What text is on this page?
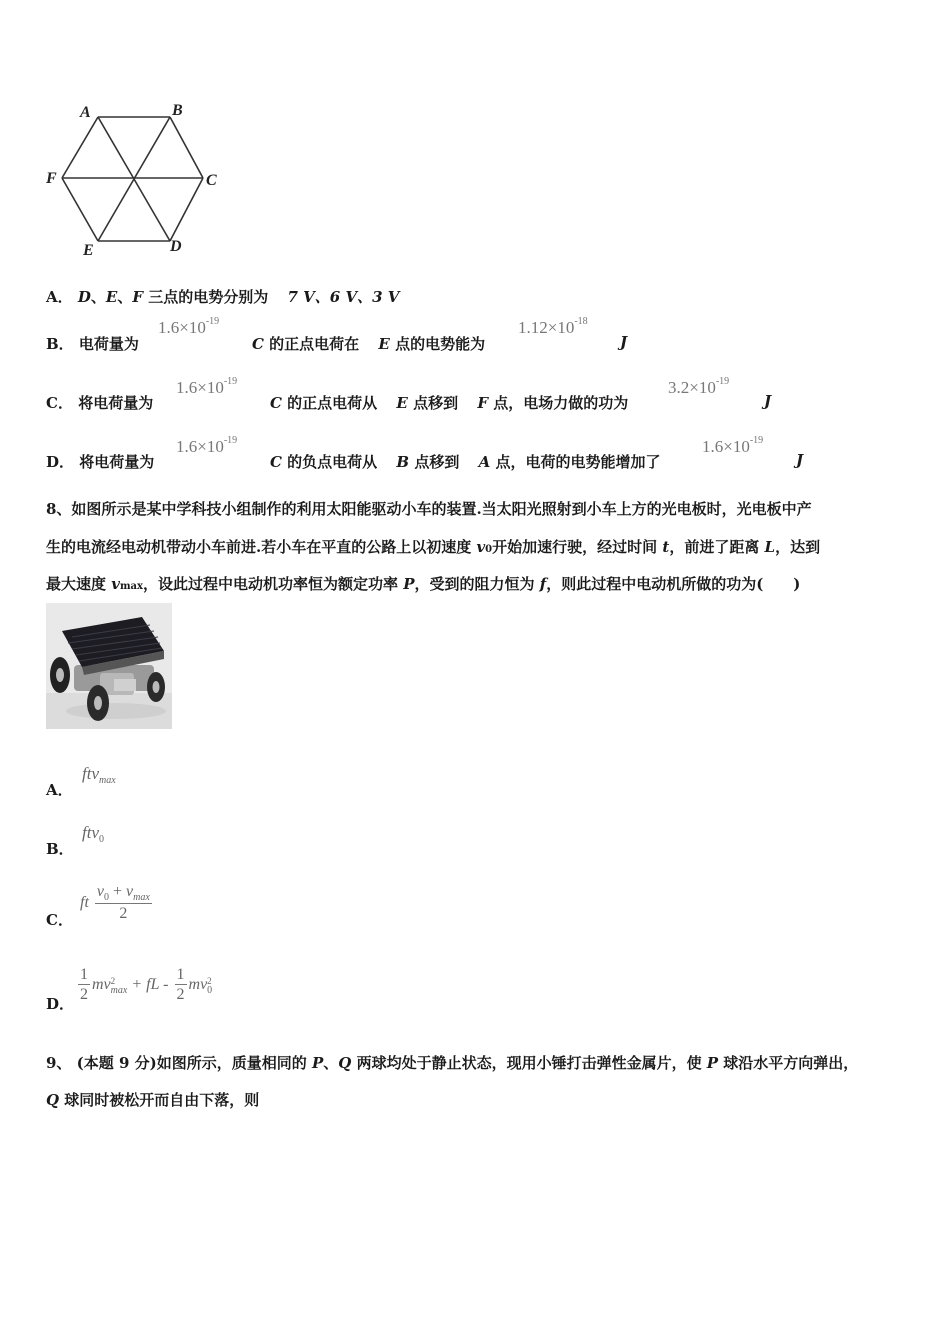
A	B
C
D
E
F
A． D、E、F 三点的电势分别为 7 V、6 V、3 V
B． 电荷量为
$1.6\times 10^{-19}$
C 的正点电荷在 E 点的电势能为
$1.12\times 10^{-18}$
J
C． 将电荷量为
$1.6\times 10^{-19}$
C 的正点电荷从 E 点移到 F 点，电场力做的功为
$3.2\times 10^{-19}$
J
D． 将电荷量为
$1.6\times 10^{-19}$
C 的负点电荷从 B 点移到 A 点，电荷的电势能增加了
$1.6\times 10^{-19}$
J
8、如图所示是某中学科技小组制作的利用太阳能驱动小车的装置.当太阳光照射到小车上方的光电板时，光电板中产
生的电流经电动机带动小车前进.若小车在平直的公路上以初速度 v0开始加速行驶，经过时间 t，前进了距离 L，达到
最大速度 vmax，设此过程中电动机功率恒为额定功率 P，受到的阻力恒为 f，则此过程中电动机所做的功为(　　)
A．
ftv$_{max}$
B．
ftv$_0$
C．
ft $\frac{v_0 + v_{max}}{2}$
D． $\frac{1}{2}$ mv 2
max + fL - $\frac{1}{2}$ mv 2
0
9、 (本题 9 分)如图所示，质量相同的 P、Q 两球均处于静止状态，现用小锤打击弹性金属片，使 P 球沿水平方向弹出，
Q 球同时被松开而自由下落，则
